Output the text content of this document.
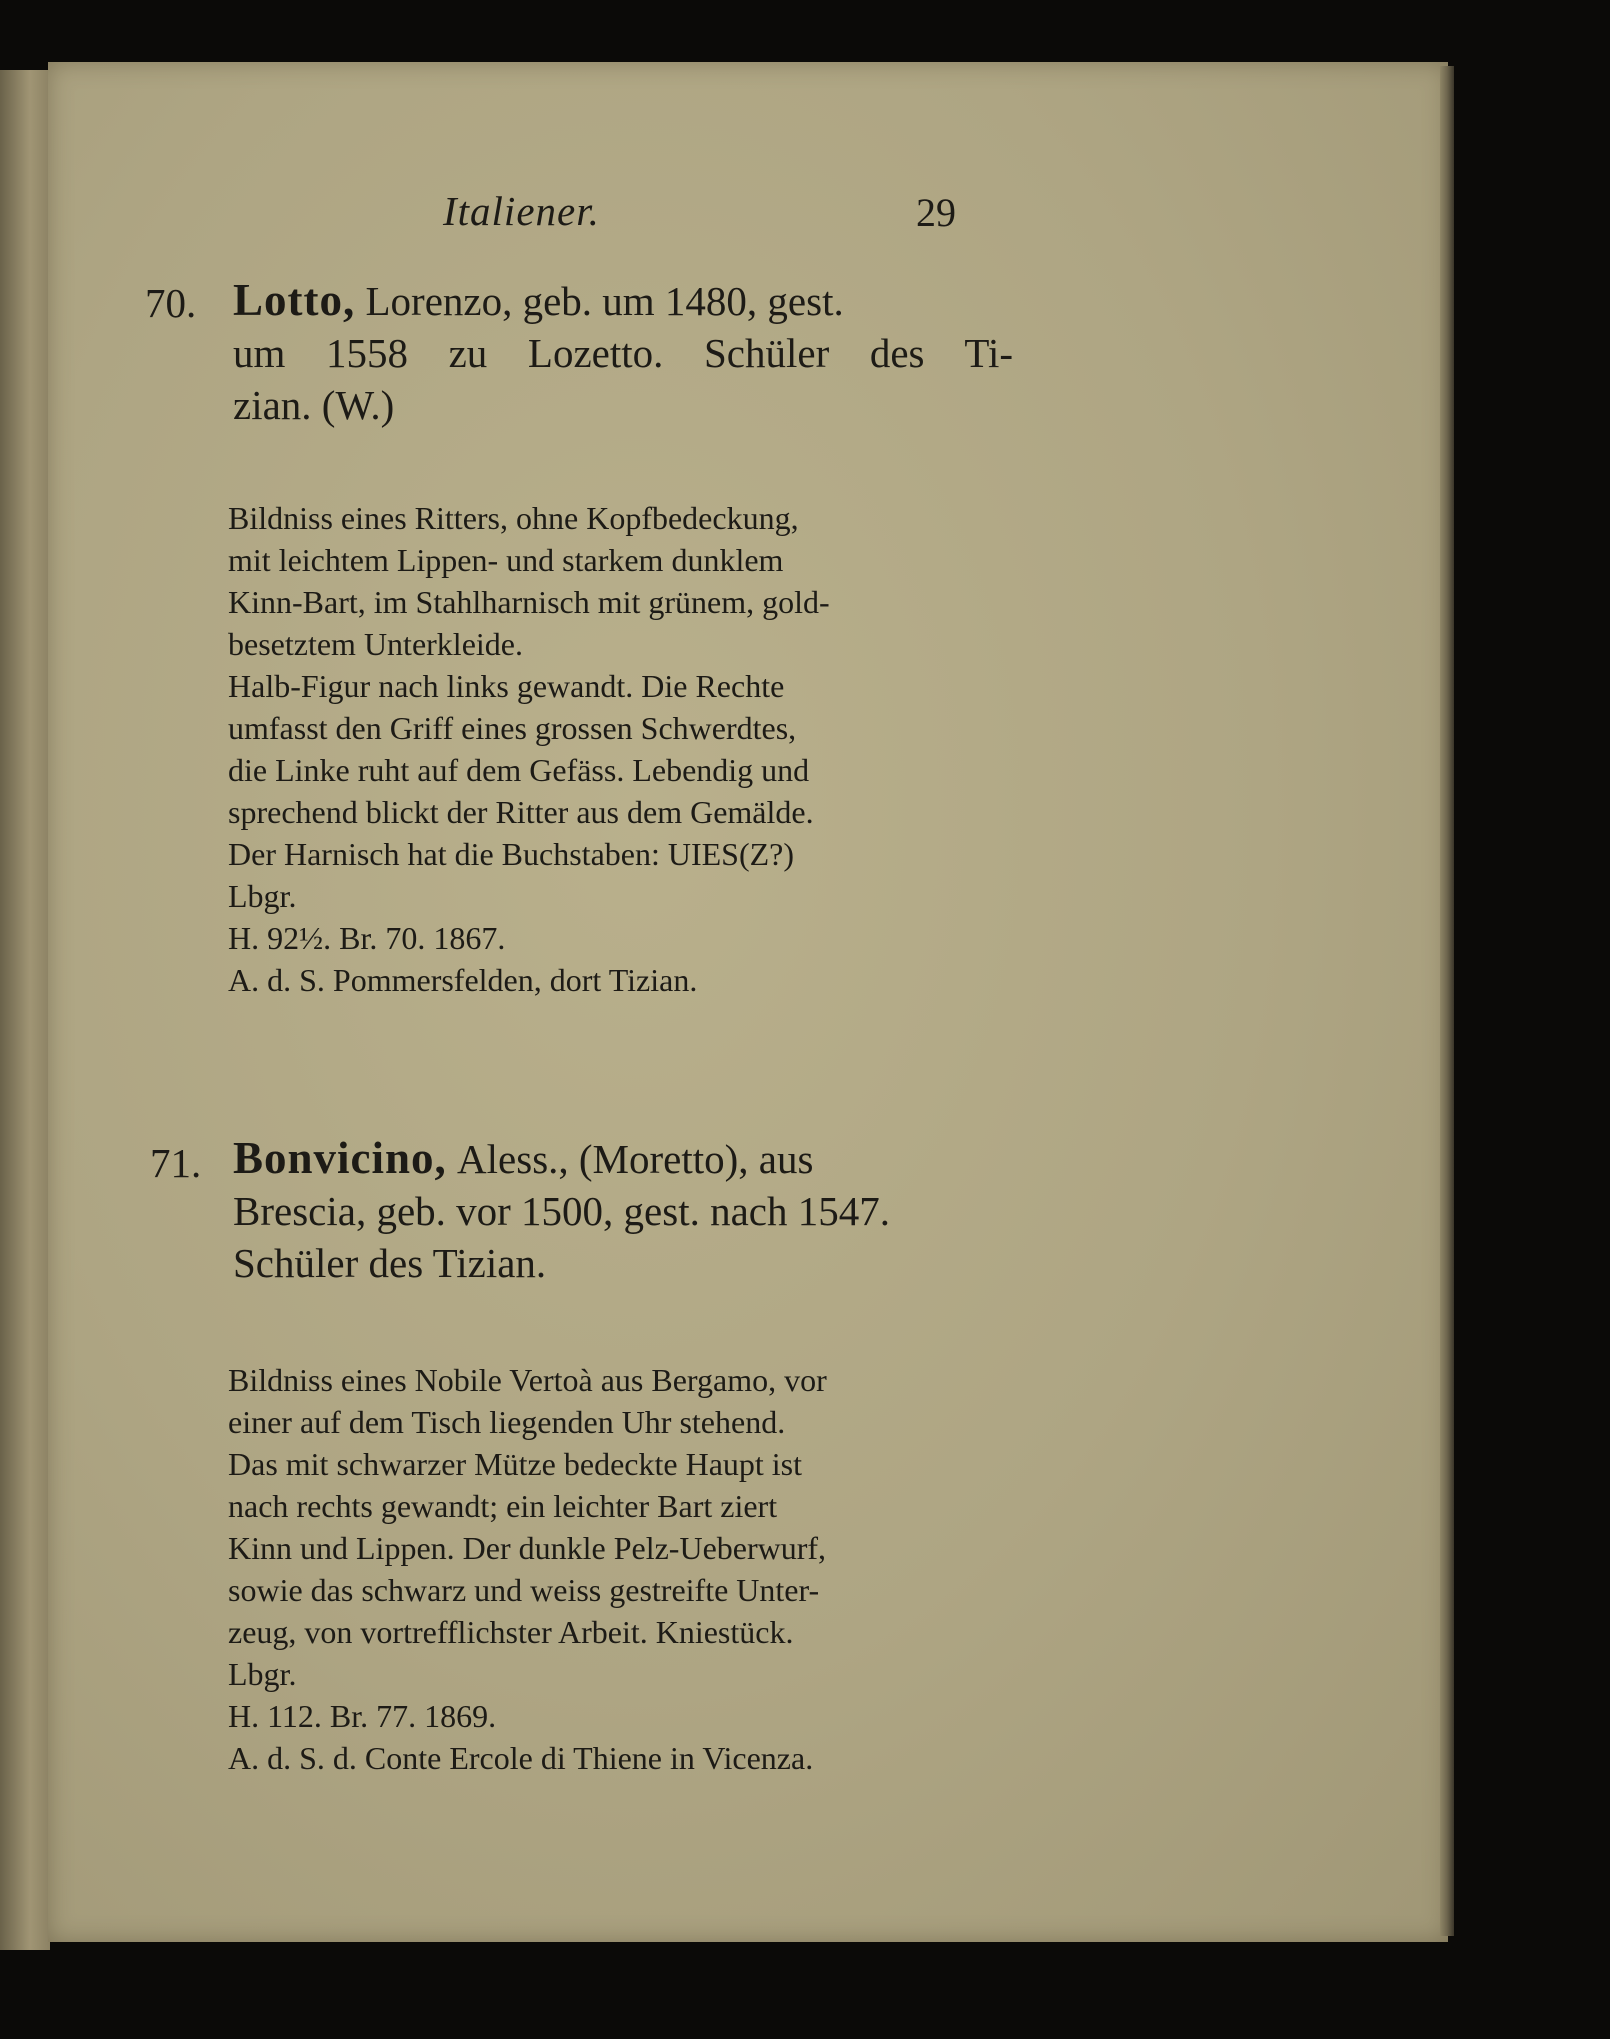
Italiener.	29
70. Lotto, Lorenzo, geb. um 1480, gest.
um 1558 zu Lozetto. Schüler des Ti-
zian. (W.)
Bildniss eines Ritters, ohne Kopfbedeckung,
mit leichtem Lippen- und starkem dunklem
Kinn-Bart, im Stahlharnisch mit grünem, gold-
besetztem Unterkleide.
Halb-Figur nach links gewandt. Die Rechte
umfasst den Griff eines grossen Schwerdtes,
die Linke ruht auf dem Gefäss. Lebendig und
sprechend blickt der Ritter aus dem Gemälde.
Der Harnisch hat die Buchstaben: UIES(Z?)
Lbgr.
H. 92½. Br. 70. 1867.
A. d. S. Pommersfelden, dort Tizian.
71. Bonvicino, Aless., (Moretto), aus
Brescia, geb. vor 1500, gest. nach 1547.
Schüler des Tizian.
Bildniss eines Nobile Vertoà aus Bergamo, vor
einer auf dem Tisch liegenden Uhr stehend.
Das mit schwarzer Mütze bedeckte Haupt ist
nach rechts gewandt; ein leichter Bart ziert
Kinn und Lippen. Der dunkle Pelz-Ueberwurf,
sowie das schwarz und weiss gestreifte Unter-
zeug, von vortrefflichster Arbeit. Kniestück.
Lbgr.
H. 112. Br. 77. 1869.
A. d. S. d. Conte Ercole di Thiene in Vicenza.
